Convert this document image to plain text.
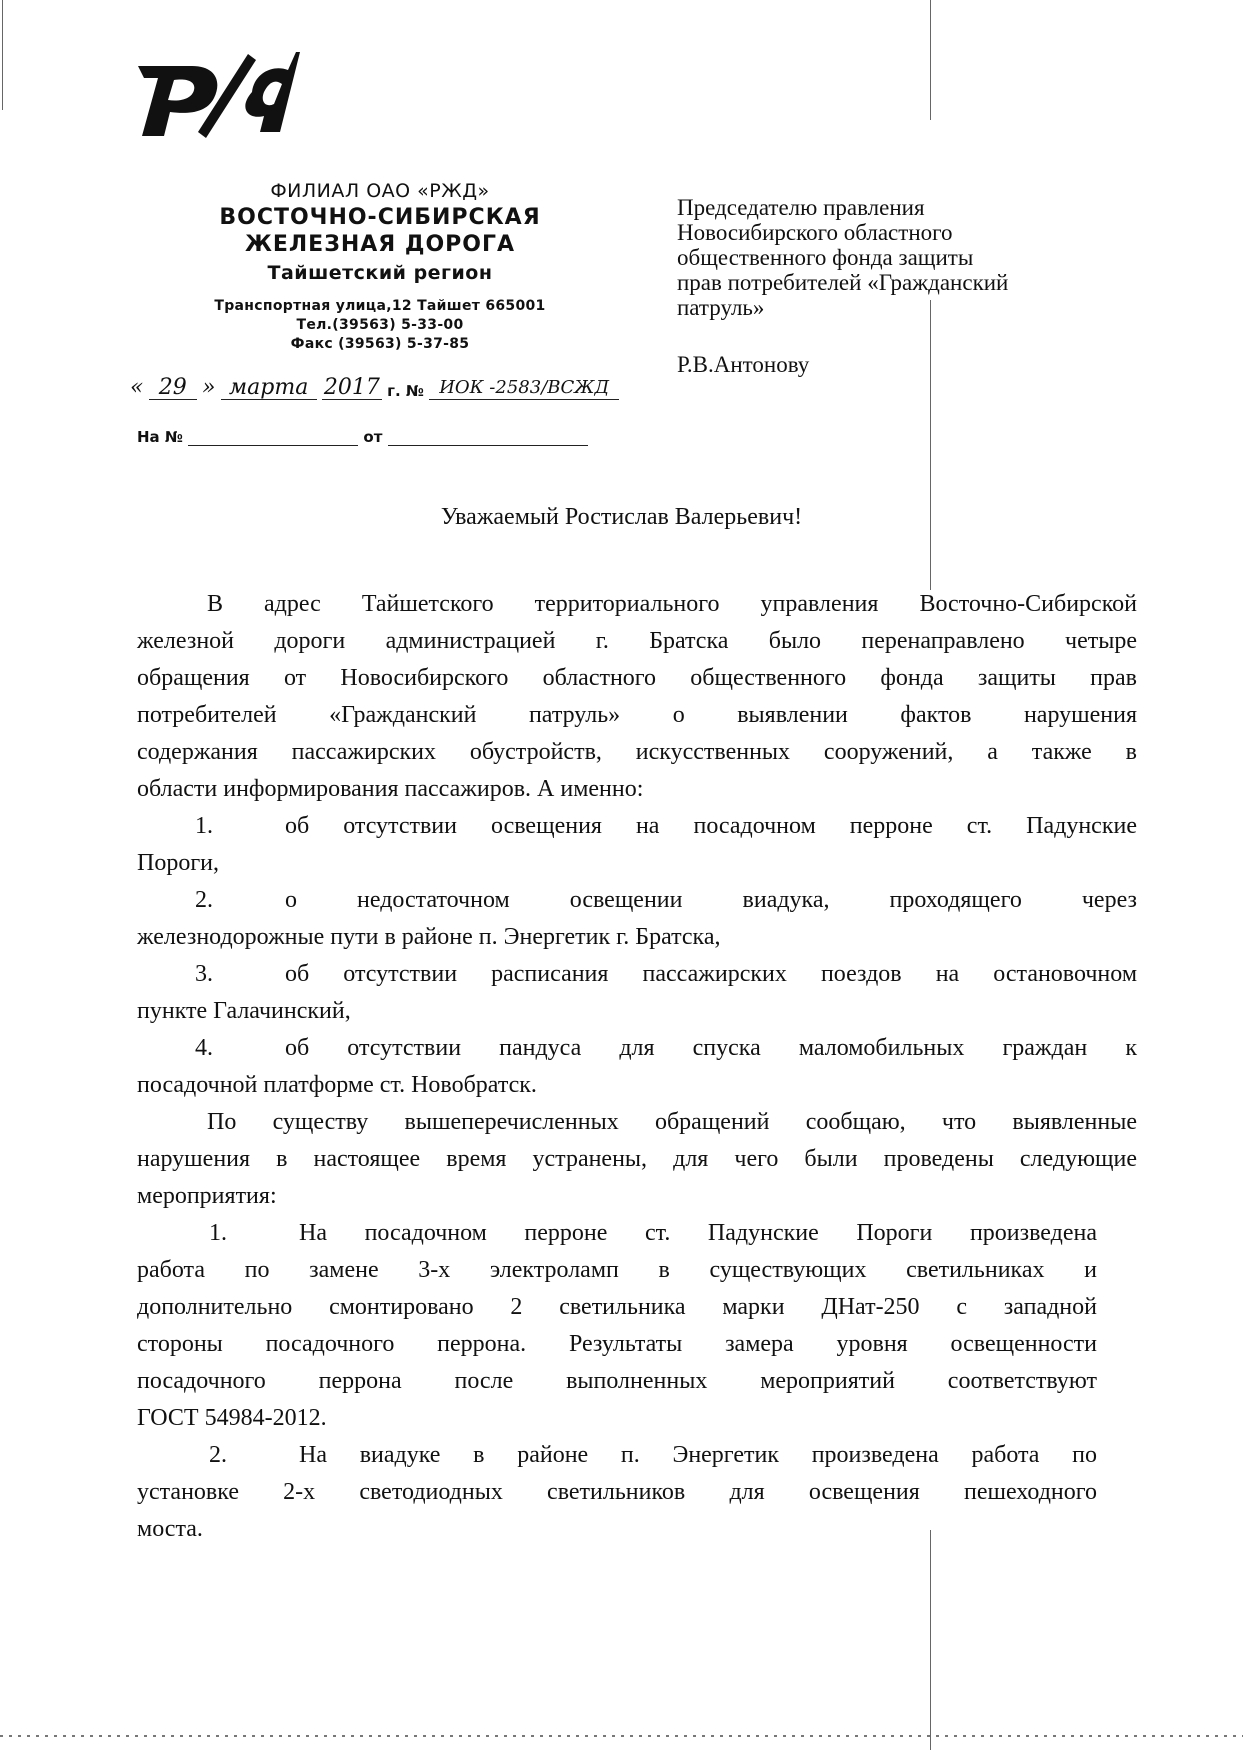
ФИЛИАЛ ОАО «РЖД»
ВОСТОЧНО-СИБИРСКАЯ
ЖЕЛЕЗНАЯ ДОРОГА
Тайшетский регион
Транспортная улица,12 Тайшет 665001
Тел.(39563) 5-33-00
Факс (39563) 5-37-85
« 29 » марта 2017 г. № ИОК -2583/ВСЖД
На №	от
Председателю правления
Новосибирского областного
общественного фонда защиты
прав потребителей «Гражданский
патруль»
Р.В.Антонову
Уважаемый Ростислав Валерьевич!
В адрес Тайшетского территориального управления Восточно-Сибирской
железной дороги администрацией г. Братска было перенаправлено четыре
обращения от Новосибирского областного общественного фонда защиты прав
потребителей «Гражданский патруль» о выявлении фактов нарушения
содержания пассажирских обустройств, искусственных сооружений, а также в
области информирования пассажиров. А именно:
1.	об отсутствии освещения на посадочном перроне ст. Падунские
Пороги,
2.	о недостаточном освещении виадука, проходящего через
железнодорожные пути в районе п. Энергетик г. Братска,
3.	об отсутствии расписания пассажирских поездов на остановочном
пункте Галачинский,
4.	об отсутствии пандуса для спуска маломобильных граждан к
посадочной платформе ст. Новобратск.
По существу вышеперечисленных обращений сообщаю, что выявленные
нарушения в настоящее время устранены, для чего были проведены следующие
мероприятия:
1.	На посадочном перроне ст. Падунские Пороги произведена
работа по замене 3-х электроламп в существующих светильниках и
дополнительно смонтировано 2 светильника марки ДНат-250 с западной
стороны посадочного перрона. Результаты замера уровня освещенности
посадочного перрона после выполненных мероприятий соответствуют
ГОСТ 54984-2012.
2.	На виадуке в районе п. Энергетик произведена работа по
установке 2-х светодиодных светильников для освещения пешеходного
моста.
